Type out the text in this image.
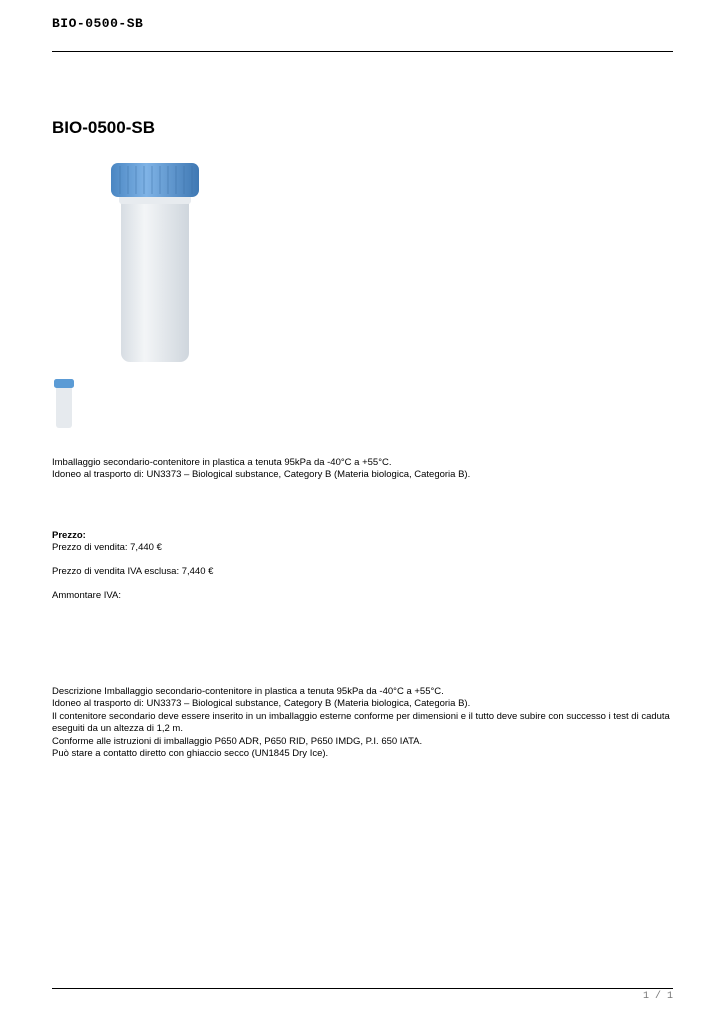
BIO-0500-SB
BIO-0500-SB

Imballaggio secondario-contenitore in plastica a tenuta 95kPa da -40°C a +55°C.

Idoneo al trasporto di: UN3373 – Biological substance, Category B (Materia biologica, Categoria B).

Prezzo:
Prezzo di vendita: 7,440 €
Prezzo di vendita IVA esclusa: 7,440 €
Ammontare IVA:

Descrizione Imballaggio secondario-contenitore in plastica a tenuta 95kPa da -40°C a +55°C.

Idoneo al trasporto di: UN3373 – Biological substance, Category B (Materia biologica, Categoria B).

Il contenitore secondario deve essere inserito in un imballaggio esterne conforme per dimensioni e il tutto deve subire con successo i test di caduta eseguiti da un altezza di 1,2 m.

Conforme alle istruzioni di imballaggio P650 ADR, P650 RID, P650 IMDG, P.I. 650 IATA.

Può stare a contatto diretto con ghiaccio secco (UN1845 Dry Ice).

1 / 1
